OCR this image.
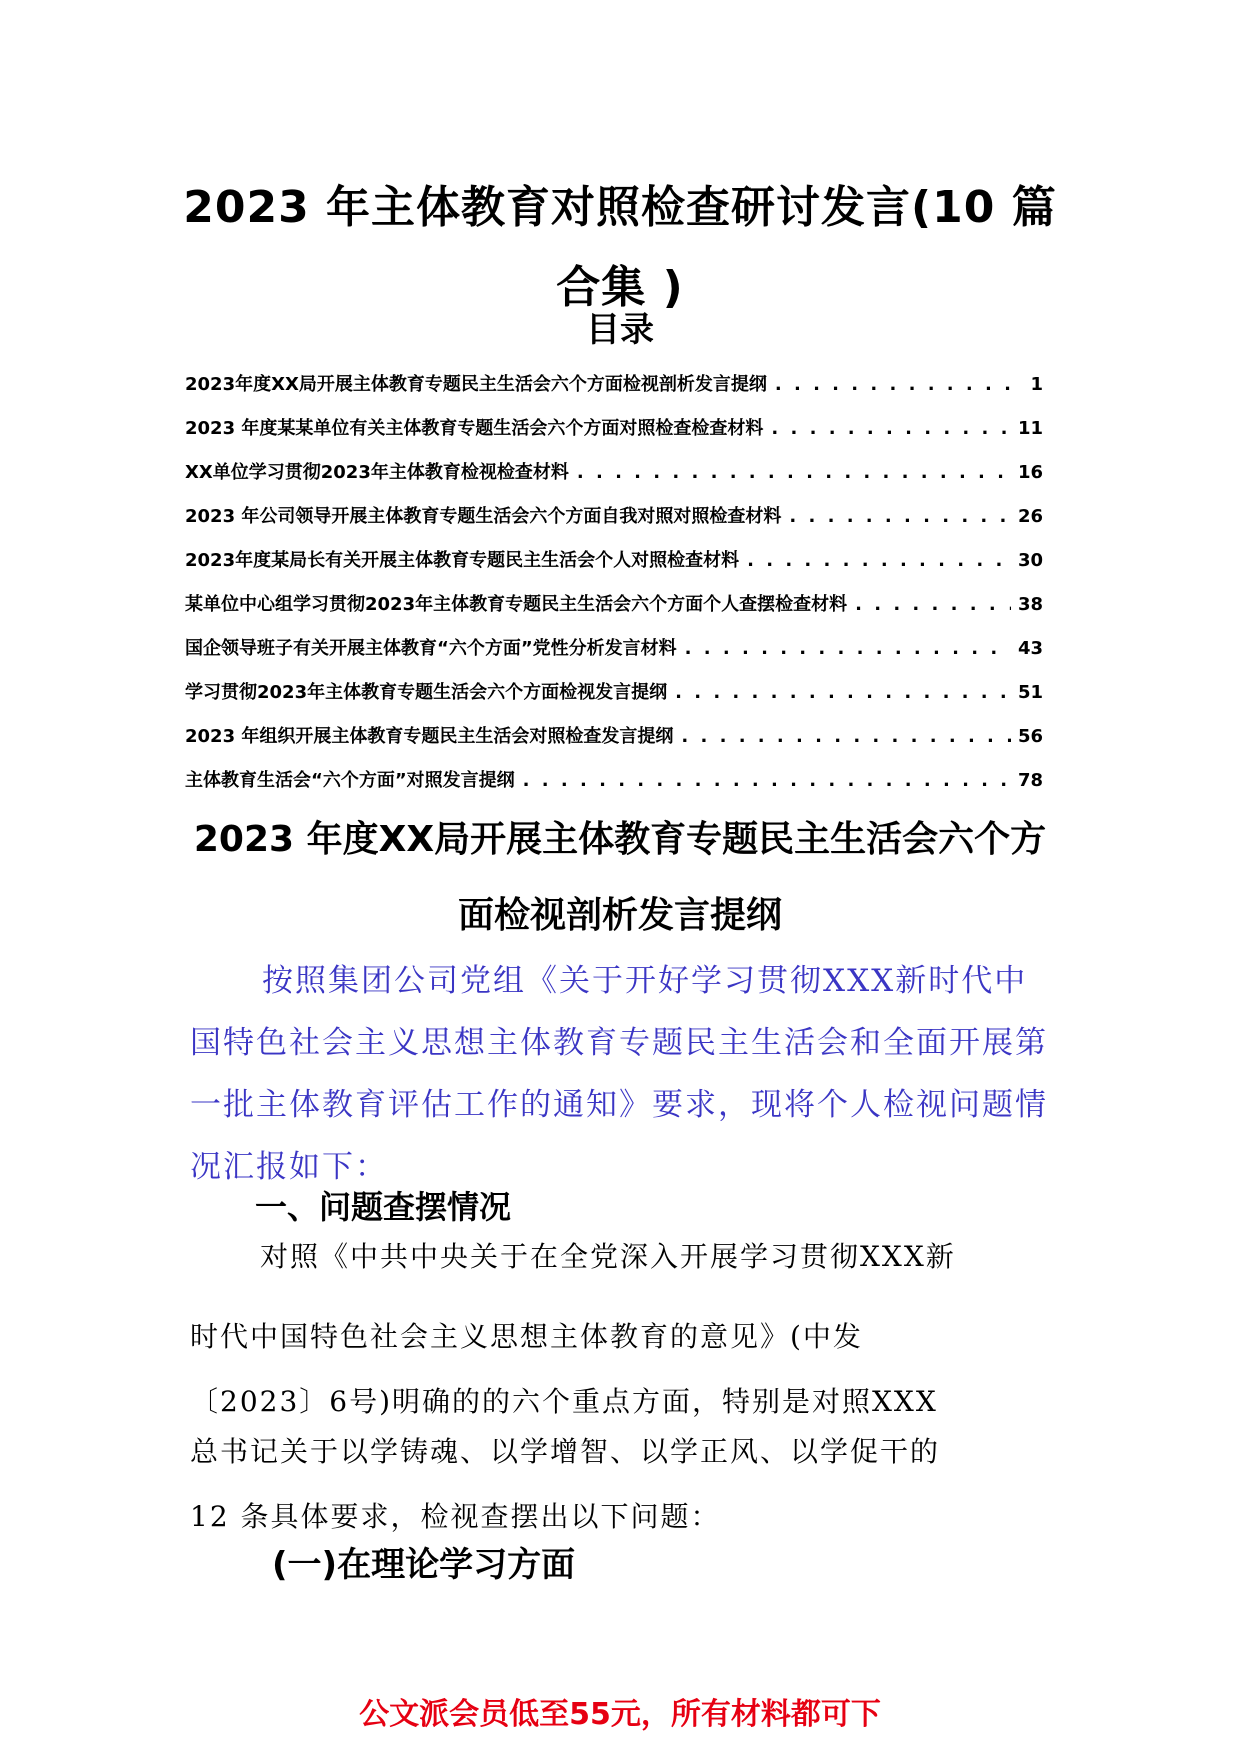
2023 年主体教育对照检查研讨发言(10 篇合集 )
目录
2023年度XX局开展主体教育专题民主生活会六个方面检视剖析发言提纲 . . .	1
2023 年度某某单位有关主体教育专题生活会六个方面对照检查检查材料 . . .	11
XX单位学习贯彻2023年主体教育检视检查材料 . . .	16
2023 年公司领导开展主体教育专题生活会六个方面自我对照对照检查材料 . . .	26
2023年度某局长有关开展主体教育专题民主生活会个人对照检查材料 . . .	30
某单位中心组学习贯彻2023年主体教育专题民主生活会六个方面个人查摆检查材料 . . .	38
国企领导班子有关开展主体教育“六个方面”党性分析发言材料 . . .	43
学习贯彻2023年主体教育专题生活会六个方面检视发言提纲 . . .	51
2023 年组织开展主体教育专题民主生活会对照检查发言提纲 . . .	56
主体教育生活会“六个方面”对照发言提纲 . . .	78
2023 年度XX局开展主体教育专题民主生活会六个方面检视剖析发言提纲
按照集团公司党组《关于开好学习贯彻XXX新时代中国特色社会主义思想主体教育专题民主生活会和全面开展第一批主体教育评估工作的通知》要求，现将个人检视问题情况汇报如下：
一、问题查摆情况
对照《中共中央关于在全党深入开展学习贯彻XXX新
时代中国特色社会主义思想主体教育的意见》(中发
〔2023〕6号)明确的的六个重点方面，特别是对照XXX
总书记关于以学铸魂、以学增智、以学正风、以学促干的
12 条具体要求，检视查摆出以下问题：
(一)在理论学习方面
公文派会员低至55元，所有材料都可下
